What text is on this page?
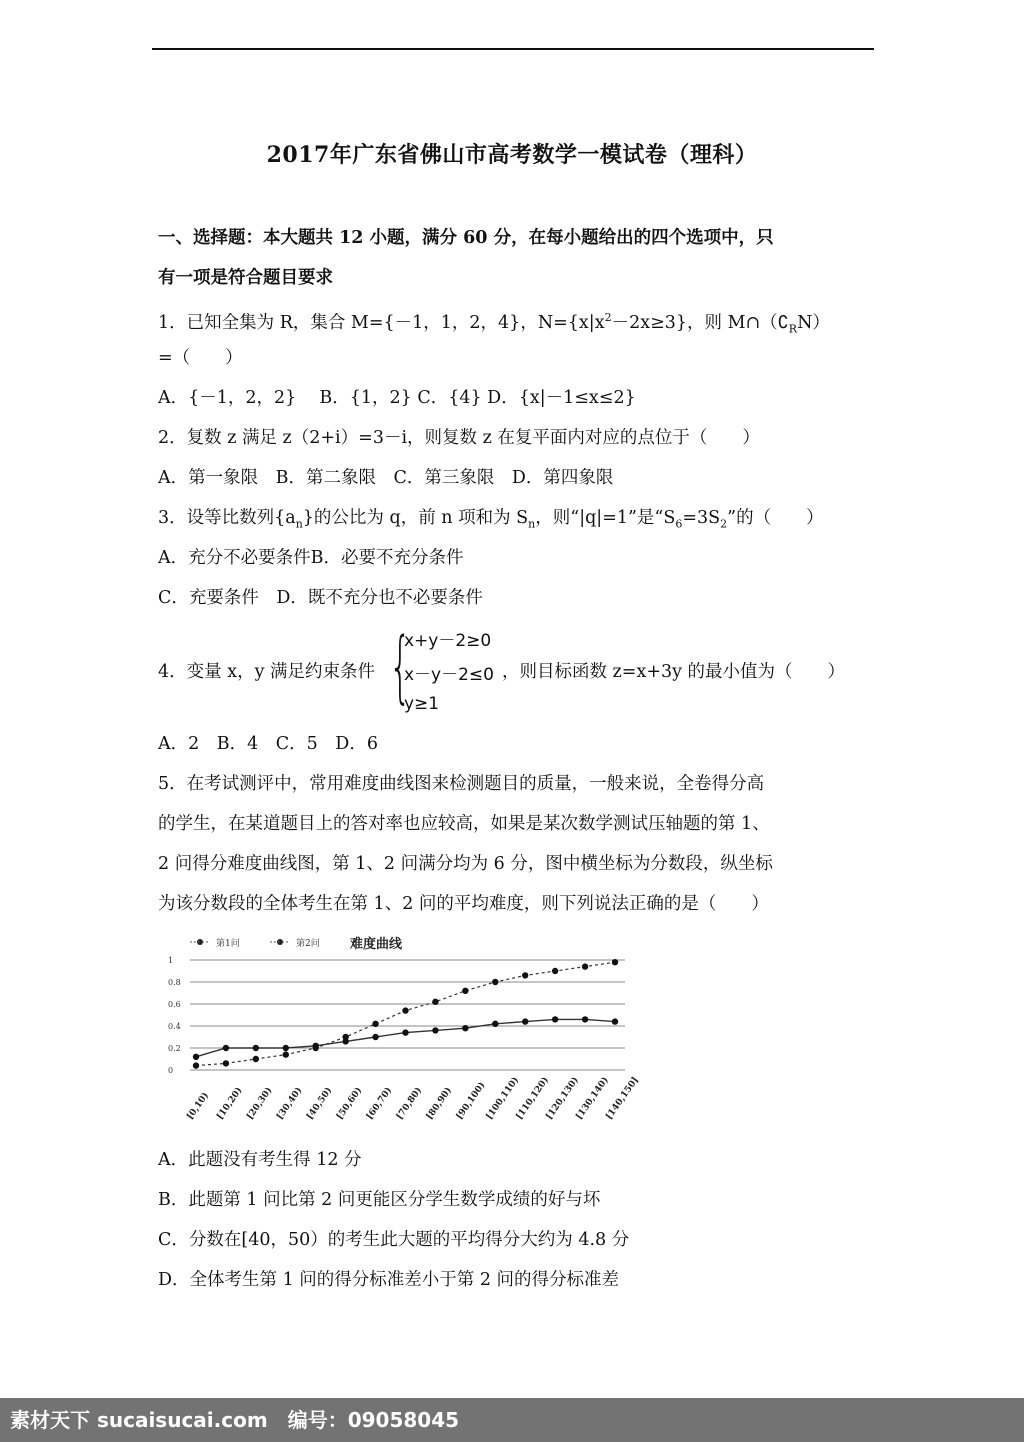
2017年广东省佛山市高考数学一模试卷（理科）
一、选择题：本大题共 12 小题，满分 60 分，在每小题给出的四个选项中，只
有一项是符合题目要求
1．已知全集为 R，集合 M={－1，1，2，4}，$N=\{x|x^2-2x\ge 3\}$，则 $M\cap(∁_RN)$
=（　　）
A．{－1，2，2}　 B．{1，2} C．{4} D．{x|－1≤x≤2}
2．复数 z 满足 z（2+i）=3－i，则复数 z 在复平面内对应的点位于（　　）
A．第一象限　B．第二象限　C．第三象限　D．第四象限
3．设等比数列$\{a_n\}$的公比为 q，前 n 项和为 $S_n$，则“|q|=1”是“$S_6=3S_2$”的（　　）
A．充分不必要条件B．必要不充分条件
C．充要条件　D．既不充分也不必要条件
4．变量 x，y 满足约束条件 {
x+y－2≥0
x－y－2≤0
y≥1
，则目标函数 z=x+3y 的最小值为（　　）
A．2　B．4　C．5　D．6
5．在考试测评中，常用难度曲线图来检测题目的质量，一般来说，全卷得分高
的学生，在某道题目上的答对率也应较高，如果是某次数学测试压轴题的第 1、
2 问得分难度曲线图，第 1、2 问满分均为 6 分，图中横坐标为分数段，纵坐标
为该分数段的全体考生在第 1、2 问的平均难度，则下列说法正确的是（　　）
1
0.8
0.6
0.4
0.2
0
[0,10) [10,20) [20,30) [30,40) [40,50) [50,60) [60,70) [70,80) [80,90) [90,100)
[100,110)
[110,120)
[120,130)
[130,140)
[140,150]
第1问	第2问 难度曲线
A．此题没有考生得 12 分
B．此题第 1 问比第 2 问更能区分学生数学成绩的好与坏
C．分数在[40，50）的考生此大题的平均得分大约为 4.8 分
D．全体考生第 1 问的得分标准差小于第 2 问的得分标准差
素材天下 sucaisucai.com　编号：09058045
